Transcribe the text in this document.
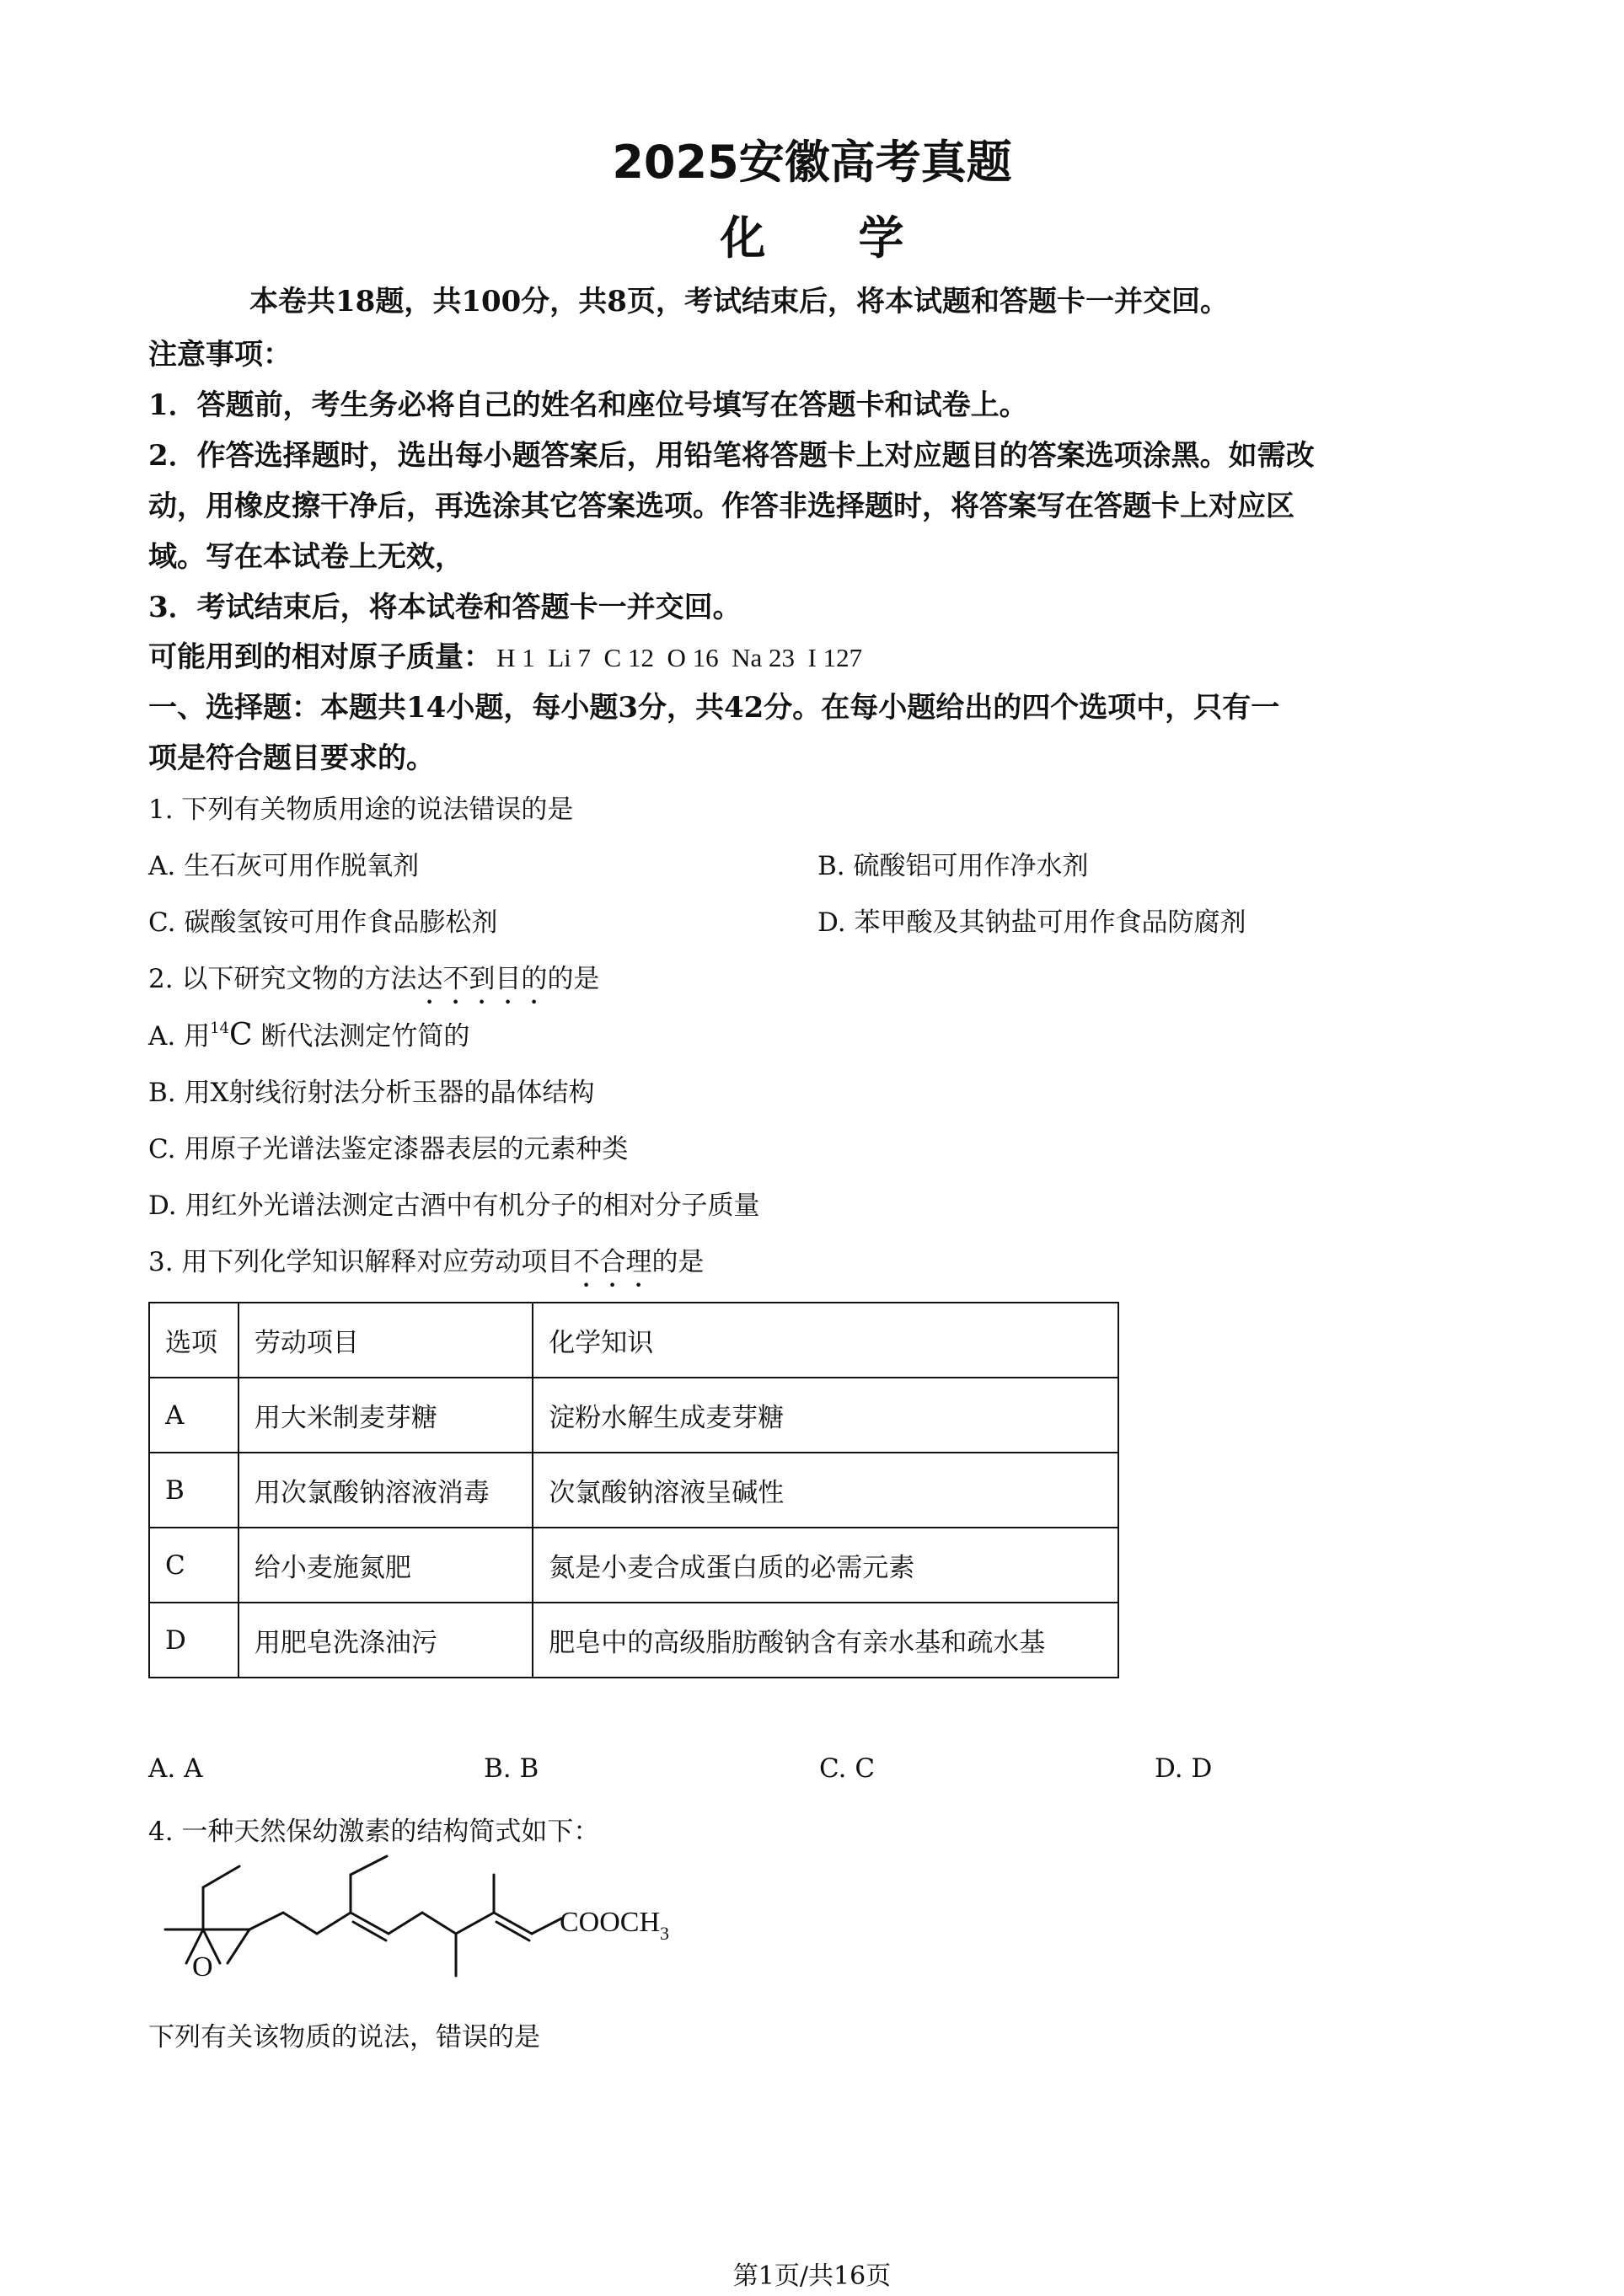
2025安徽高考真题
化学
本卷共18题，共100分，共8页，考试结束后，将本试题和答题卡一并交回。
注意事项：
1．答题前，考生务必将自己的姓名和座位号填写在答题卡和试卷上。
2．作答选择题时，选出每小题答案后，用铅笔将答题卡上对应题目的答案选项涂黑。如需改
动，用橡皮擦干净后，再选涂其它答案选项。作答非选择题时，将答案写在答题卡上对应区
域。写在本试卷上无效，
3．考试结束后，将本试卷和答题卡一并交回。
可能用到的相对原子质量： H 1  Li 7  C 12  O 16  Na 23  I 127
一、选择题：本题共14小题，每小题3分，共42分。在每小题给出的四个选项中，只有一
项是符合题目要求的。
1. 下列有关物质用途的说法错误的是
A. 生石灰可用作脱氧剂	B. 硫酸铝可用作净水剂
C. 碳酸氢铵可用作食品膨松剂	D. 苯甲酸及其钠盐可用作食品防腐剂
2. 以下研究文物的方法达不到目的的是
A. 用$^{14}$C 断代法测定竹简的
B. 用X射线衍射法分析玉器的晶体结构
C. 用原子光谱法鉴定漆器表层的元素种类
D. 用红外光谱法测定古酒中有机分子的相对分子质量
3. 用下列化学知识解释对应劳动项目不合理的是
选项	劳动项目	化学知识
A	用大米制麦芽糖	淀粉水解生成麦芽糖
B	用次氯酸钠溶液消毒	次氯酸钠溶液呈碱性
C	给小麦施氮肥	氮是小麦合成蛋白质的必需元素
D	用肥皂洗涤油污	肥皂中的高级脂肪酸钠含有亲水基和疏水基
A. A	B. B	C. C	D. D
4. 一种天然保幼激素的结构简式如下：
O
$COOCH_3$
下列有关该物质的说法，错误的是
第1页/共16页
